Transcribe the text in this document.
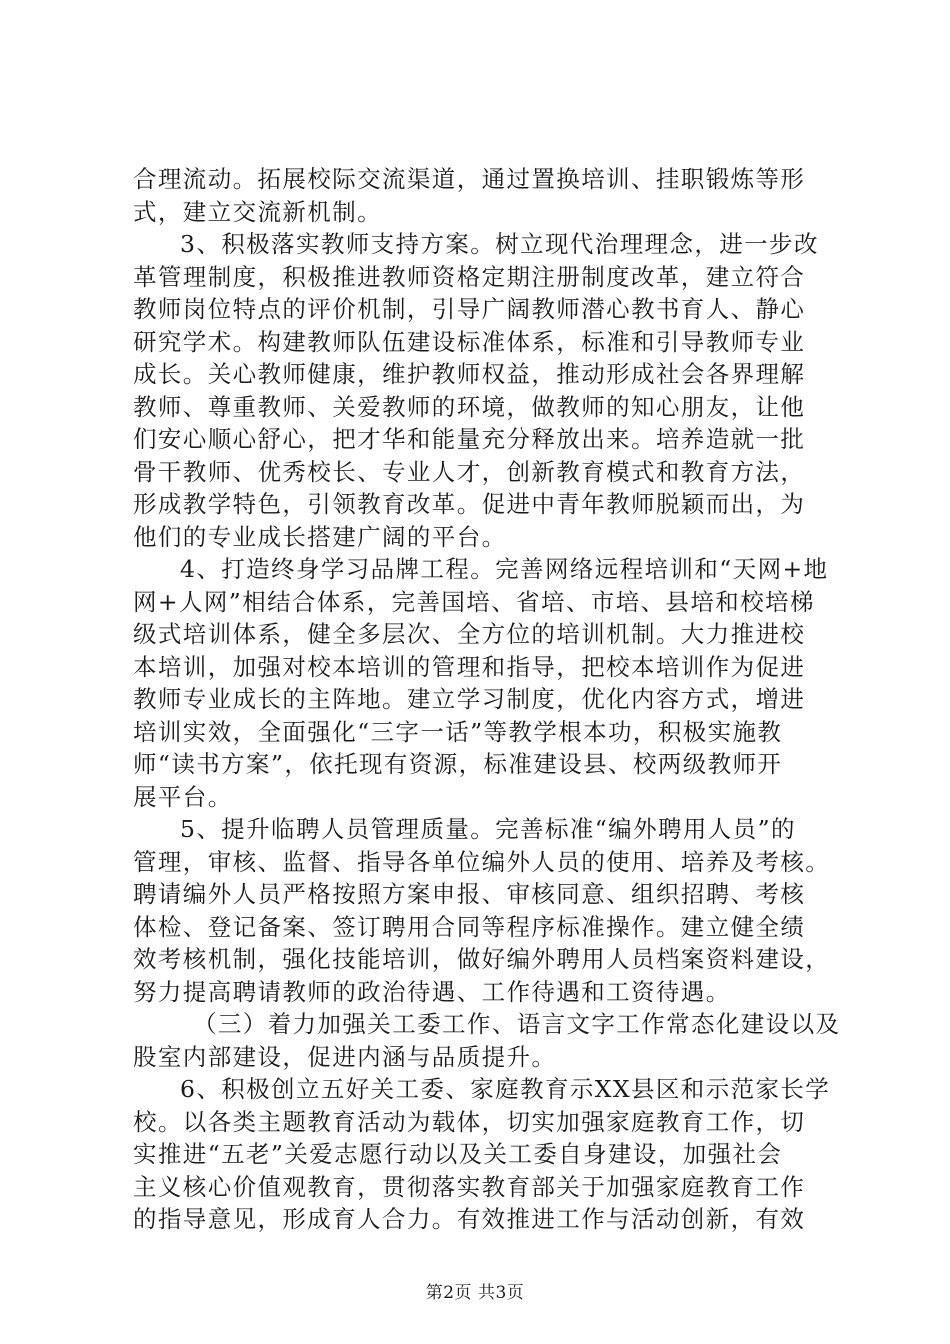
合理流动。拓展校际交流渠道，通过置换培训、挂职锻炼等形
式，建立交流新机制。
3、积极落实教师支持方案。树立现代治理理念，进一步改
革管理制度，积极推进教师资格定期注册制度改革，建立符合
教师岗位特点的评价机制，引导广阔教师潜心教书育人、静心
研究学术。构建教师队伍建设标准体系，标准和引导教师专业
成长。关心教师健康，维护教师权益，推动形成社会各界理解
教师、尊重教师、关爱教师的环境，做教师的知心朋友，让他
们安心顺心舒心，把才华和能量充分释放出来。培养造就一批
骨干教师、优秀校长、专业人才，创新教育模式和教育方法，
形成教学特色，引领教育改革。促进中青年教师脱颖而出，为
他们的专业成长搭建广阔的平台。
4、打造终身学习品牌工程。完善网络远程培训和“天网+地
网+人网”相结合体系，完善国培、省培、市培、县培和校培梯
级式培训体系，健全多层次、全方位的培训机制。大力推进校
本培训，加强对校本培训的管理和指导，把校本培训作为促进
教师专业成长的主阵地。建立学习制度，优化内容方式，增进
培训实效，全面强化“三字一话”等教学根本功，积极实施教
师“读书方案”，依托现有资源，标准建设县、校两级教师开
展平台。
5、提升临聘人员管理质量。完善标准“编外聘用人员”的
管理，审核、监督、指导各单位编外人员的使用、培养及考核。
聘请编外人员严格按照方案申报、审核同意、组织招聘、考核
体检、登记备案、签订聘用合同等程序标准操作。建立健全绩
效考核机制，强化技能培训，做好编外聘用人员档案资料建设，
努力提高聘请教师的政治待遇、工作待遇和工资待遇。
（三）着力加强关工委工作、语言文字工作常态化建设以及
股室内部建设，促进内涵与品质提升。
6、积极创立五好关工委、家庭教育示XX县区和示范家长学
校。以各类主题教育活动为载体，切实加强家庭教育工作，切
实推进“五老”关爱志愿行动以及关工委自身建设，加强社会
主义核心价值观教育，贯彻落实教育部关于加强家庭教育工作
的指导意见，形成育人合力。有效推进工作与活动创新，有效
第2页 共3页
